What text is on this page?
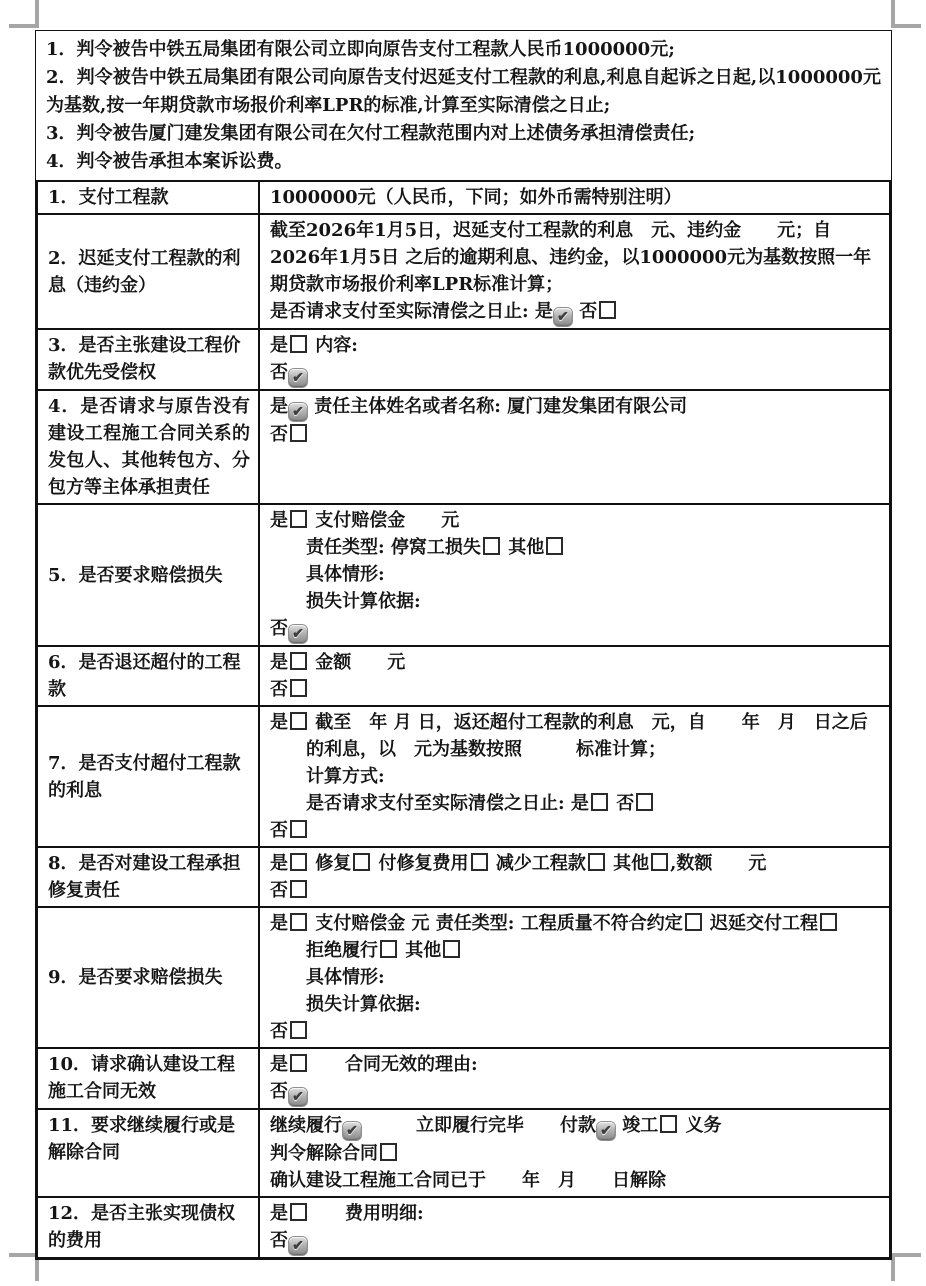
1．判令被告中铁五局集团有限公司立即向原告支付工程款人民币1000000元;

2．判令被告中铁五局集团有限公司向原告支付迟延支付工程款的利息,利息自起诉之日起,以1000000元为基数,按一年期贷款市场报价利率LPR的标准,计算至实际清偿之日止;

3．判令被告厦门建发集团有限公司在欠付工程款范围内对上述债务承担清偿责任;

4．判令被告承担本案诉讼费。

1．支付工程款	1000000元（人民币，下同；如外币需特别注明）

2．迟延支付工程款的利息（违约金）	截至2026年1月5日，迟延支付工程款的利息　元、违约金　　元；自
2026年1月5日 之后的逾期利息、违约金，以1000000元为基数按照一年
期贷款市场报价利率LPR标准计算；
是否请求支付至实际清偿之日止: 是 ✔ 否

3．是否主张建设工程价款优先受偿权	是 内容:
否 ✔

4．是否请求与原告没有建设工程施工合同关系的发包人、其他转包方、分包方等主体承担责任	是 ✔ 责任主体姓名或者名称: 厦门建发集团有限公司
否

5．是否要求赔偿损失	是 支付赔偿金　　元
　　责任类型: 停窝工损失 其他
　　具体情形:
　　损失计算依据:
否 ✔

6．是否退还超付的工程款	是 金额　　元
否

7．是否支付超付工程款的利息	是 截至　年 月 日，返还超付工程款的利息　元，自　　年　月　日之后
　　的利息，以　元为基数按照　　　标准计算；
　　计算方式:
　　是否请求支付至实际清偿之日止: 是 否
否

8．是否对建设工程承担修复责任	是 修复 付修复费用 减少工程款 其他 ,数额　　元
否

9．是否要求赔偿损失	是 支付赔偿金 元 责任类型: 工程质量不符合约定 迟延交付工程
　　拒绝履行 其他
　　具体情形:
　　损失计算依据:
否

10．请求确认建设工程施工合同无效	是　　合同无效的理由:
否 ✔

11．要求继续履行或是解除合同	继续履行 ✔　　　立即履行完毕　　付款 ✔ 竣工 义务
判令解除合同
确认建设工程施工合同已于　　年　月　　日解除

12．是否主张实现债权的费用	是　　费用明细:
否 ✔
